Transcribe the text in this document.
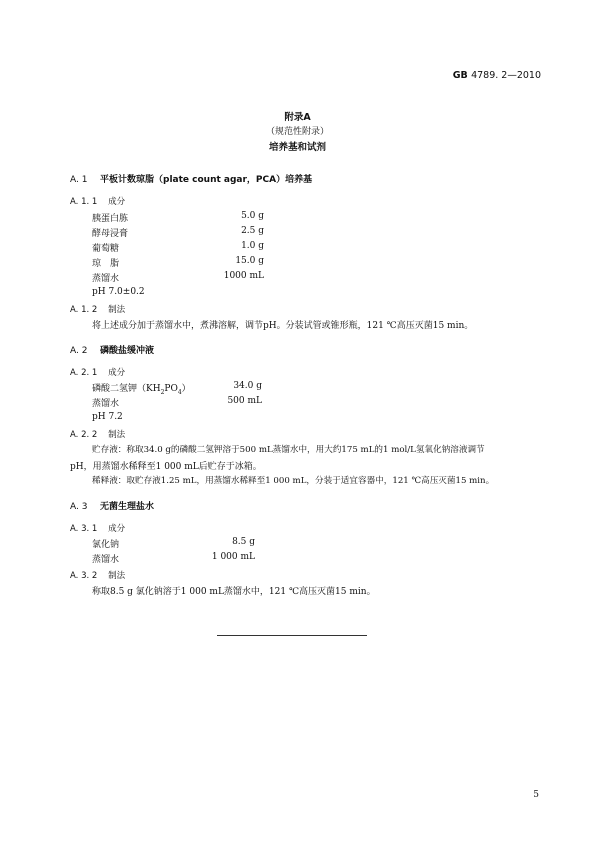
GB 4789. 2—2010
附录A
（规范性附录）
培养基和试剂
A. 1 平板计数琼脂（plate count agar，PCA）培养基
A. 1. 1 成分
胰蛋白胨	5.0 g
酵母浸膏	2.5 g
葡萄糖	1.0 g
琼　脂	15.0 g
蒸馏水	1000 mL
pH 7.0±0.2
A. 1. 2 制法
将上述成分加于蒸馏水中，煮沸溶解，调节pH。分装试管或锥形瓶，121 ℃高压灭菌15 min。
A. 2 磷酸盐缓冲液
A. 2. 1 成分
磷酸二氢钾$(KH_2PO_4)$	34.0 g
蒸馏水	500 mL
pH 7.2
A. 2. 2 制法
贮存液：称取34.0 g的磷酸二氢钾溶于500 mL蒸馏水中，用大约175 mL的1 mol/L氢氧化钠溶液调节
pH，用蒸馏水稀释至1 000 mL后贮存于冰箱。
稀释液：取贮存液1.25 mL，用蒸馏水稀释至1 000 mL，分装于适宜容器中，121 ℃高压灭菌15 min。
A. 3 无菌生理盐水
A. 3. 1 成分
氯化钠	8.5 g
蒸馏水	1 000 mL
A. 3. 2 制法
称取8.5 g 氯化钠溶于1 000 mL蒸馏水中，121 ℃高压灭菌15 min。
5
